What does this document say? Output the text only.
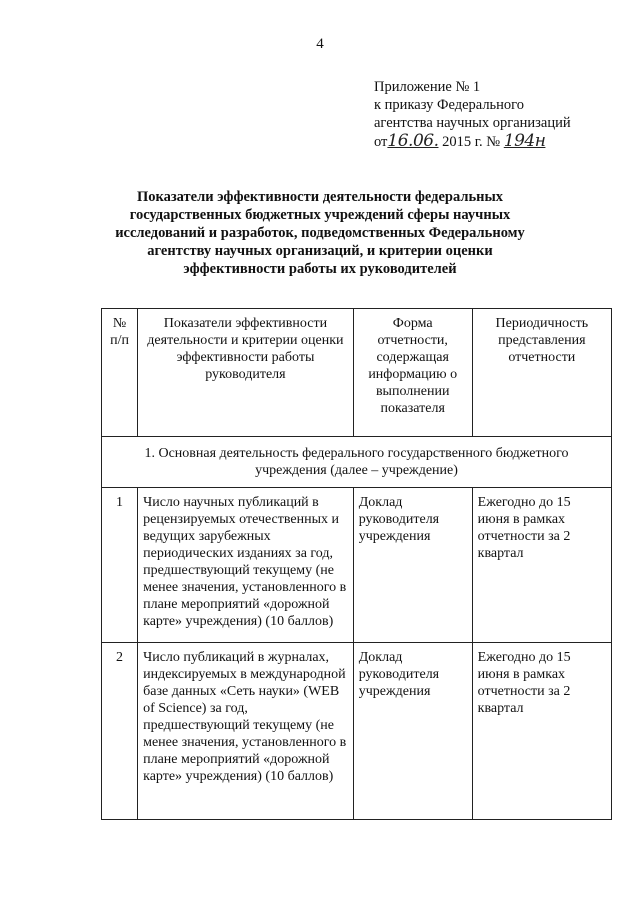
4
Приложение № 1
к приказу Федерального
агентства научных организаций
от16.06. 2015 г. № 194н
Показатели эффективности деятельности федеральных государственных бюджетных учреждений сферы научных исследований и разработок, подведомственных Федеральному агентству научных организаций, и критерии оценки эффективности работы их руководителей
№ п/п	Показатели эффективности деятельности и критерии оценки эффективности работы руководителя	Форма отчетности, содержащая информацию о выполнении показателя	Периодичность представления отчетности
1. Основная деятельность федерального государственного бюджетного учреждения (далее – учреждение)			
1	Число научных публикаций в рецензируемых отечественных и ведущих зарубежных периодических изданиях за год, предшествующий текущему (не менее значения, установленного в плане мероприятий «дорожной карте» учреждения) (10 баллов)	Доклад руководителя учреждения	Ежегодно до 15 июня в рамках отчетности за 2 квартал
2	Число публикаций в журналах, индексируемых в международной базе данных «Сеть науки» (WEB of Science) за год, предшествующий текущему (не менее значения, установленного в плане мероприятий «дорожной карте» учреждения) (10 баллов)	Доклад руководителя учреждения	Ежегодно до 15 июня в рамках отчетности за 2 квартал
